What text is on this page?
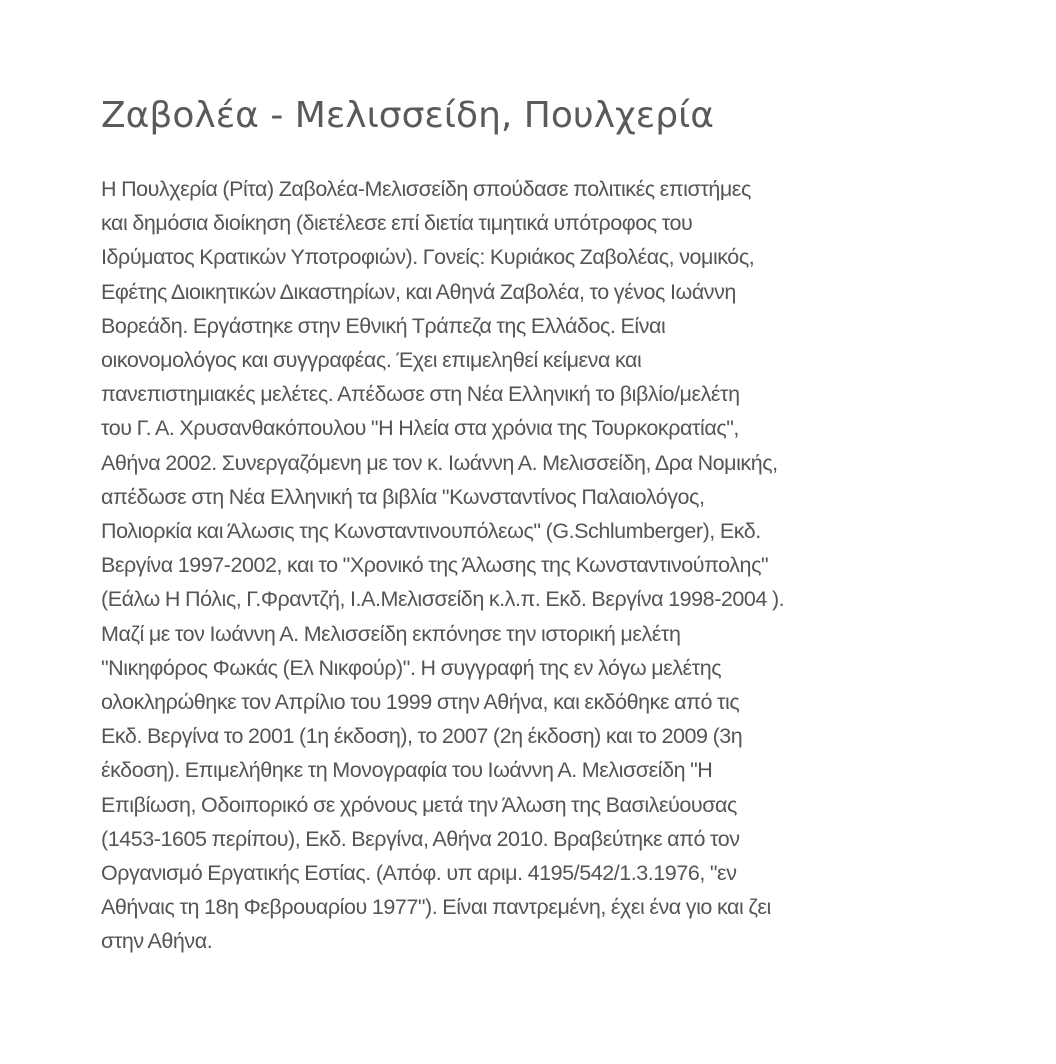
Ζαβολέα - Μελισσείδη, Πουλχερία

Η Πουλχερία (Ρίτα) Ζαβολέα-Μελισσείδη σπούδασε πολιτικές επιστήμες
και δημόσια διοίκηση (διετέλεσε επί διετία τιμητικά υπότροφος του
Ιδρύματος Κρατικών Υποτροφιών). Γονείς: Κυριάκος Ζαβολέας, νομικός,
Εφέτης Διοικητικών Δικαστηρίων, και Αθηνά Ζαβολέα, το γένος Ιωάννη
Βορεάδη. Εργάστηκε στην Εθνική Τράπεζα της Ελλάδος. Είναι
οικονομολόγος και συγγραφέας. Έχει επιμεληθεί κείμενα και
πανεπιστημιακές μελέτες. Απέδωσε στη Νέα Ελληνική το βιβλίο/μελέτη
του Γ. Α. Χρυσανθακόπουλου "Η Ηλεία στα χρόνια της Τουρκοκρατίας",
Αθήνα 2002. Συνεργαζόμενη με τον κ. Ιωάννη Α. Μελισσείδη, Δρα Νομικής,
απέδωσε στη Νέα Ελληνική τα βιβλία "Κωνσταντίνος Παλαιολόγος,
Πολιορκία και Άλωσις της Κωνσταντινουπόλεως" (G.Schlumberger), Εκδ.
Βεργίνα 1997-2002, και το "Χρονικό της Άλωσης της Κωνσταντινούπολης"
(Εάλω Η Πόλις, Γ.Φραντζή, Ι.Α.Μελισσείδη κ.λ.π. Εκδ. Βεργίνα 1998-2004 ).
Μαζί με τον Ιωάννη Α. Μελισσείδη εκπόνησε την ιστορική μελέτη
"Νικηφόρος Φωκάς (Ελ Νικφούρ)". Η συγγραφή της εν λόγω μελέτης
ολοκληρώθηκε τον Απρίλιο του 1999 στην Αθήνα, και εκδόθηκε από τις
Εκδ. Βεργίνα το 2001 (1η έκδοση), το 2007 (2η έκδοση) και το 2009 (3η
έκδοση). Επιμελήθηκε τη Μονογραφία του Ιωάννη Α. Μελισσείδη "Η
Επιβίωση, Οδοιπορικό σε χρόνους μετά την Άλωση της Βασιλεύουσας
(1453-1605 περίπου), Εκδ. Βεργίνα, Αθήνα 2010. Βραβεύτηκε από τον
Οργανισμό Εργατικής Εστίας. (Απόφ. υπ αριμ. 4195/542/1.3.1976, "εν
Αθήναις τη 18η Φεβρουαρίου 1977"). Είναι παντρεμένη, έχει ένα γιο και ζει
στην Αθήνα.
